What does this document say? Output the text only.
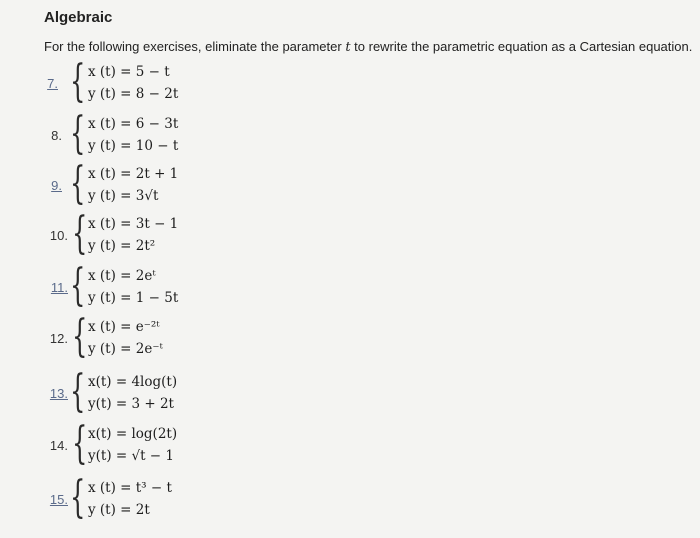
Algebraic
For the following exercises, eliminate the parameter t to rewrite the parametric equation as a Cartesian equation.
7. { x (t) = 5 − t
y (t) = 8 − 2t
8. { x (t) = 6 − 3t
y (t) = 10 − t
9. { x (t) = 2t + 1
y (t) = 3√t
10. { x (t) = 3t − 1
y (t) = 2t²
11. { x (t) = 2eᵗ
y (t) = 1 − 5t
12. { x (t) = e⁻²ᵗ
y (t) = 2e⁻ᵗ
13. { x(t) = 4log(t)
y(t) = 3 + 2t
14. { x(t) = log(2t)
y(t) = √t − 1
15. { x (t) = t³ − t
y (t) = 2t
